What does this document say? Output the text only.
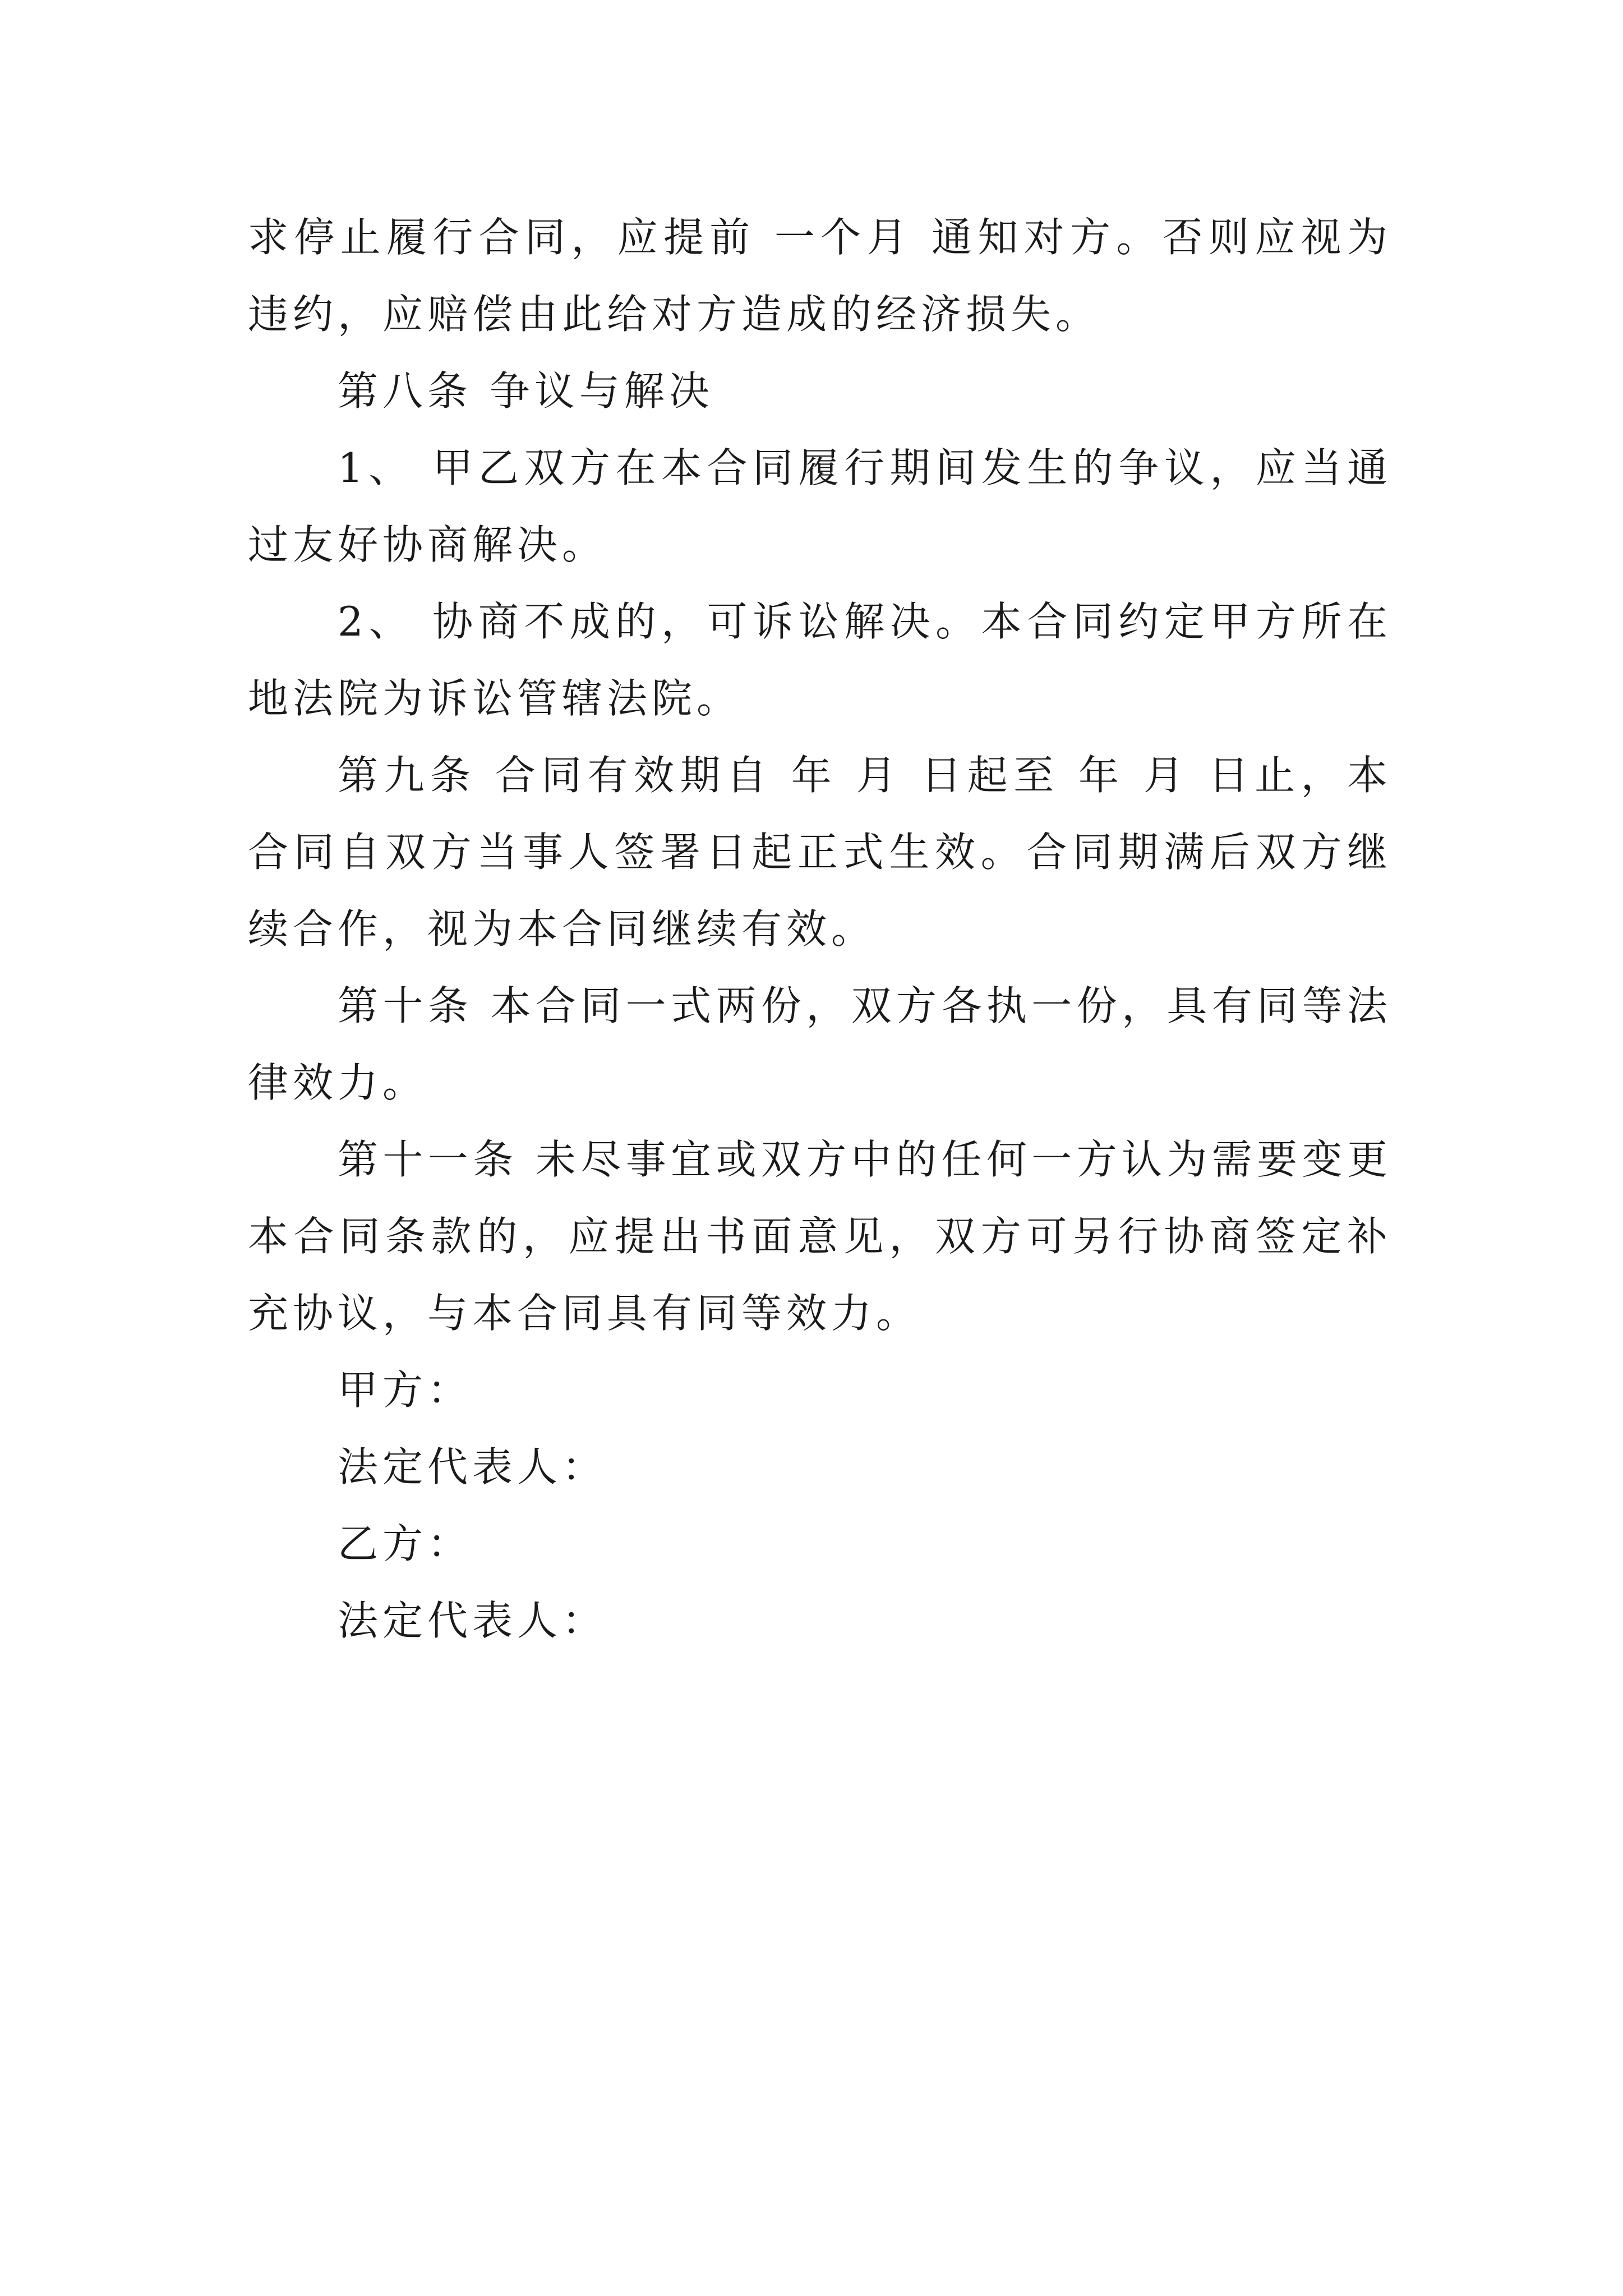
求停止履行合同，应提前 一个月 通知对方。否则应视为违约，应赔偿由此给对方造成的经济损失。

第八条 争议与解决

1、 甲乙双方在本合同履行期间发生的争议，应当通过友好协商解决。

2、 协商不成的，可诉讼解决。本合同约定甲方所在地法院为诉讼管辖法院。

第九条 合同有效期自 年 月 日起至 年 月 日止，本合同自双方当事人签署日起正式生效。合同期满后双方继续合作，视为本合同继续有效。

第十条 本合同一式两份，双方各执一份，具有同等法律效力。

第十一条 未尽事宜或双方中的任何一方认为需要变更本合同条款的，应提出书面意见，双方可另行协商签定补充协议，与本合同具有同等效力。

甲方：

法定代表人：

乙方：

法定代表人：
